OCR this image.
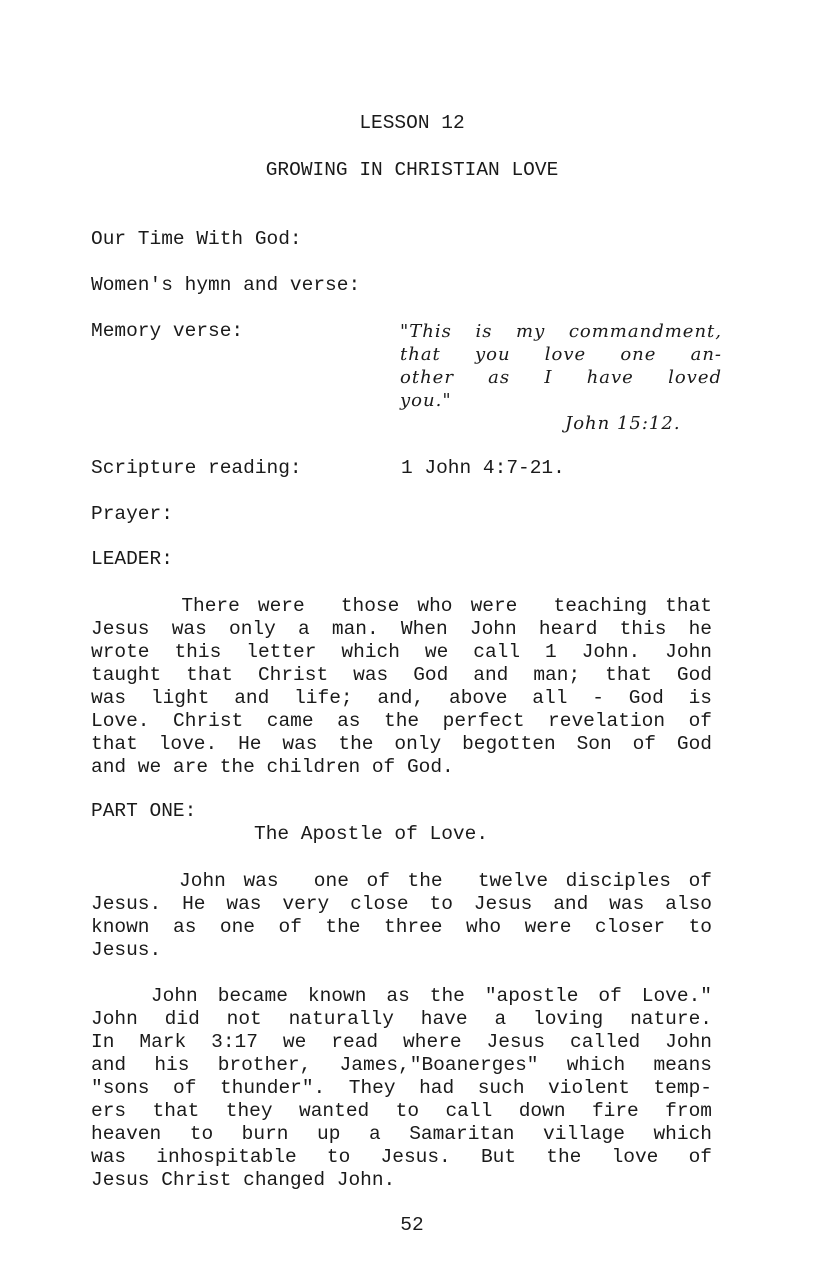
LESSON 12
GROWING IN CHRISTIAN LOVE
Our Time With God:
Women's hymn and verse:
Memory verse:	"This is my commandment,
that you love one an-
other as I have loved
you."
John 15:12.
Scripture reading:	1 John 4:7-21.
Prayer:
LEADER:
There were  those who were  teaching that
Jesus was only a man. When John heard this he
wrote this letter which we call 1 John. John
taught that Christ was God and man; that God
was light and life; and, above all - God is
Love. Christ came as the perfect revelation of
that love. He was the only begotten Son of God
and we are the children of God.
PART ONE:
The Apostle of Love.
John was  one of the  twelve disciples of
Jesus. He was very close to Jesus and was also
known as one of the three who were closer to
Jesus.
John became known as the "apostle of Love."
John did not naturally have a loving nature.
In Mark 3:17 we read where Jesus called John
and his brother, James,"Boanerges" which means
"sons of thunder". They had such violent temp-
ers that they wanted to call down fire from
heaven to burn up a Samaritan village which
was inhospitable to Jesus. But the love of
Jesus Christ changed John.
52
